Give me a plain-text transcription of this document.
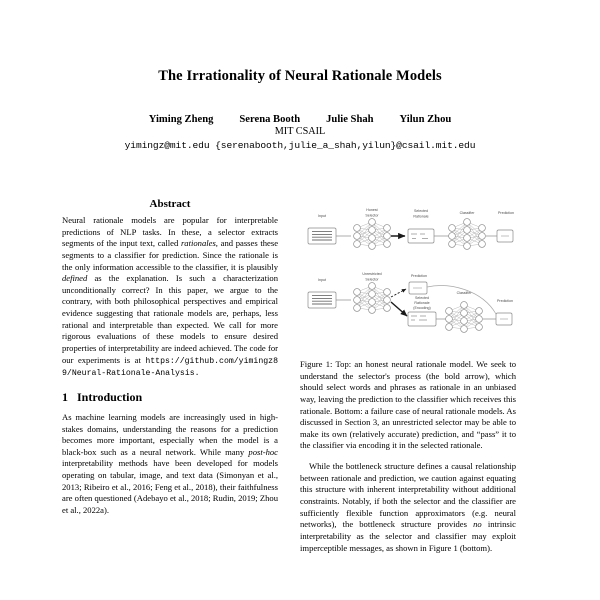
The Irrationality of Neural Rationale Models
Yiming Zheng Serena Booth Julie Shah Yilun Zhou
MIT CSAIL
yimingz@mit.edu {serenabooth,julie_a_shah,yilun}@csail.mit.edu
Abstract

Neural rationale models are popular for interpretable predictions of NLP tasks. In these, a selector extracts segments of the input text, called rationales, and passes these segments to a classifier for prediction. Since the rationale is the only information accessible to the classifier, it is plausibly defined as the explanation. Is such a characterization unconditionally correct? In this paper, we argue to the contrary, with both philosophical perspectives and empirical evidence suggesting that rationale models are, perhaps, less rational and interpretable than expected. We call for more rigorous evaluations of these models to ensure desired properties of interpretability are indeed achieved. The code for our experiments is at https://github.com/yimingz89/Neural-Rationale-Analysis.

1 Introduction

As machine learning models are increasingly used in high-stakes domains, understanding the reasons for a prediction becomes more important, especially when the model is a black-box such as a neural network. While many post-hoc interpretability methods have been developed for models operating on tabular, image, and text data (Simonyan et al., 2013; Ribeiro et al., 2016; Feng et al., 2018), their faithfulness are often questioned (Adebayo et al., 2018; Rudin, 2019; Zhou et al., 2022a).

Input
Honest
Selector
Selected
Rationale
Classifier	Prediction
Input
Unrestricted
Selector
Prediction
Selected
Rationale
(Encoding)
Classifier
Prediction

Figure 1: Top: an honest neural rationale model. We seek to understand the selector's process (the bold arrow), which should select words and phrases as rationale in an unbiased way, leaving the prediction to the classifier which receives this rationale. Bottom: a failure case of neural rationale models. As discussed in Section 3, an unrestricted selector may be able to make its own (relatively accurate) prediction, and “pass” it to the classifier via encoding it in the selected rationale.

While the bottleneck structure defines a causal relationship between rationale and prediction, we caution against equating this structure with inherent interpretability without additional constraints. Notably, if both the selector and the classifier are sufficiently flexible function approximators (e.g. neural networks), the bottleneck structure provides no intrinsic interpretability as the selector and classifier may exploit imperceptible messages, as shown in Figure 1 (bottom).
